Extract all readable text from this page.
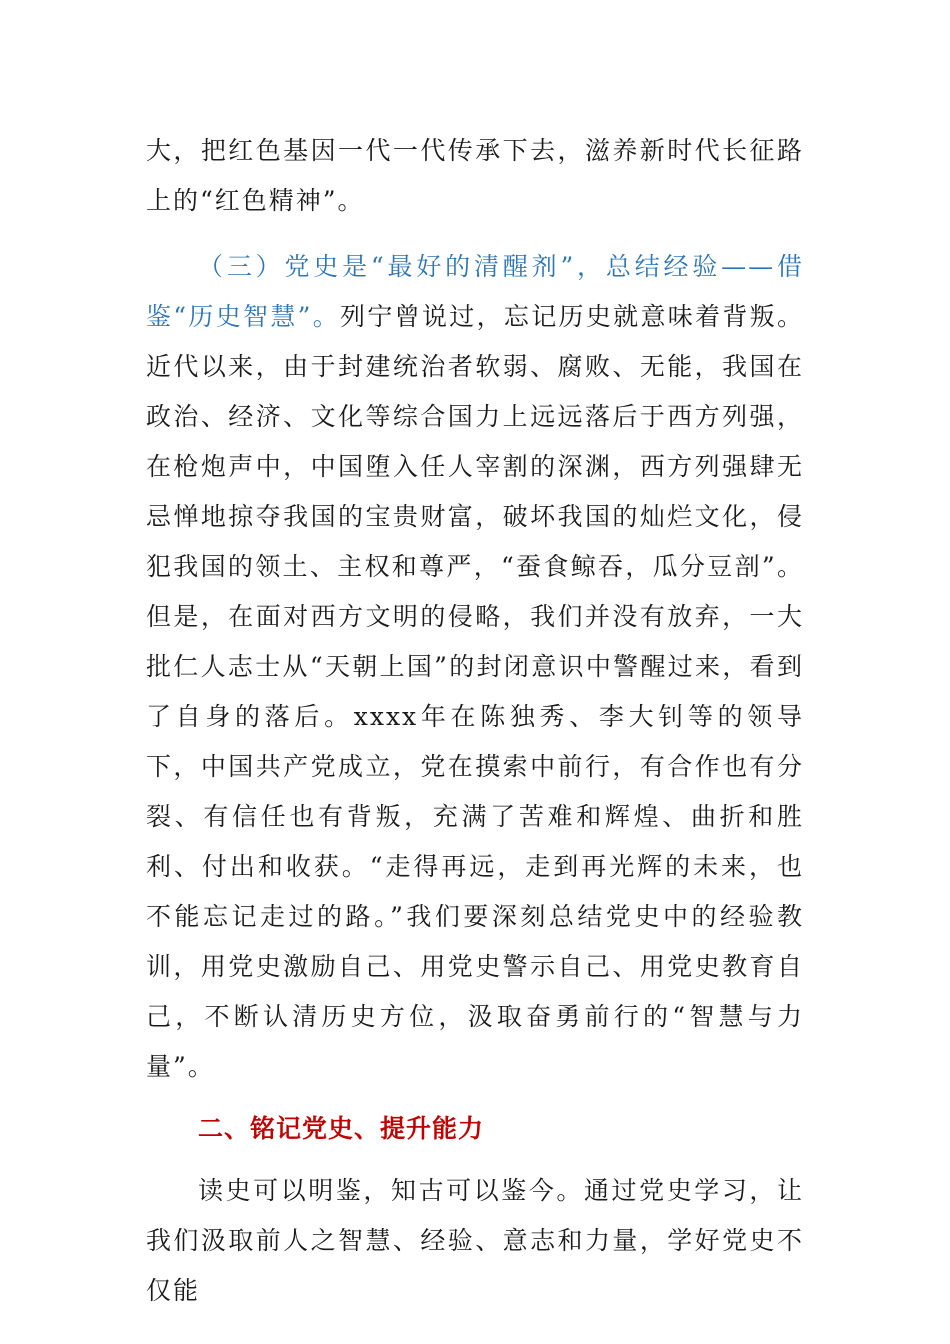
大，把红色基因一代一代传承下去，滋养新时代长征路上的“红色精神”。

（三）党史是“最好的清醒剂”，总结经验——借鉴“历史智慧”。列宁曾说过，忘记历史就意味着背叛。近代以来，由于封建统治者软弱、腐败、无能，我国在政治、经济、文化等综合国力上远远落后于西方列强，在枪炮声中，中国堕入任人宰割的深渊，西方列强肆无忌惮地掠夺我国的宝贵财富，破坏我国的灿烂文化，侵犯我国的领土、主权和尊严，“蚕食鲸吞，瓜分豆剖”。但是，在面对西方文明的侵略，我们并没有放弃，一大批仁人志士从“天朝上国”的封闭意识中警醒过来，看到了自身的落后。xxxx年在陈独秀、李大钊等的领导下，中国共产党成立，党在摸索中前行，有合作也有分裂、有信任也有背叛，充满了苦难和辉煌、曲折和胜利、付出和收获。“走得再远，走到再光辉的未来，也不能忘记走过的路。”我们要深刻总结党史中的经验教训，用党史激励自己、用党史警示自己、用党史教育自己，不断认清历史方位，汲取奋勇前行的“智慧与力量”。

二、铭记党史、提升能力

读史可以明鉴，知古可以鉴今。通过党史学习，让我们汲取前人之智慧、经验、意志和力量，学好党史不仅能
